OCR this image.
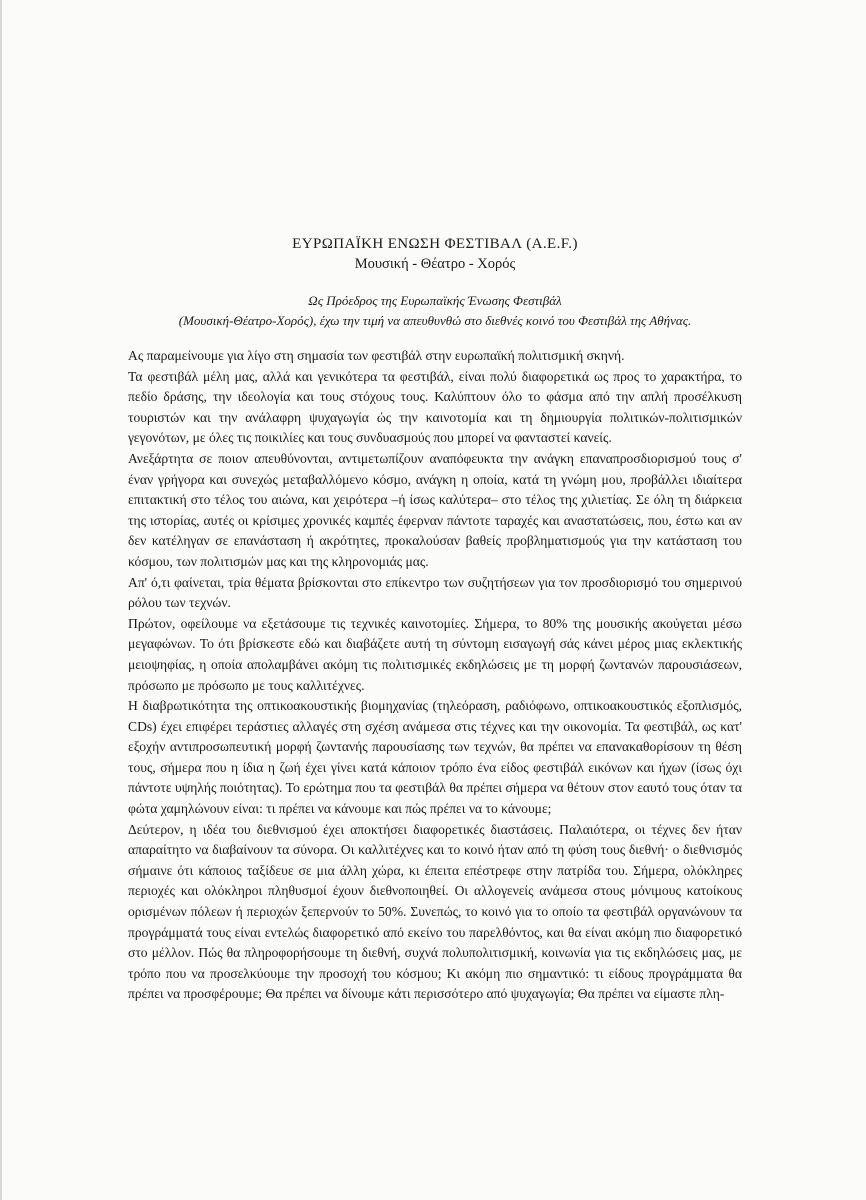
ΕΥΡΩΠΑΪΚΗ ΕΝΩΣΗ ΦΕΣΤΙΒΑΛ (A.E.F.)

Μουσική - Θέατρο - Χορός

Ως Πρόεδρος της Ευρωπαϊκής Ένωσης Φεστιβάλ

(Μουσική-Θέατρο-Χορός), έχω την τιμή να απευθυνθώ στο διεθνές κοινό του Φεστιβάλ της Αθήνας.

Ας παραμείνουμε για λίγο στη σημασία των φεστιβάλ στην ευρωπαϊκή πολιτισμική σκηνή.

Τα φεστιβάλ μέλη μας, αλλά και γενικότερα τα φεστιβάλ, είναι πολύ διαφορετικά ως προς το χαρακτήρα, το πεδίο δράσης, την ιδεολογία και τους στόχους τους. Καλύπτουν όλο το φάσμα από την απλή προσέλκυση τουριστών και την ανάλαφρη ψυχαγωγία ώς την καινοτομία και τη δημιουργία πολιτικών-πολιτισμικών γεγονότων, με όλες τις ποικιλίες και τους συνδυασμούς που μπορεί να φανταστεί κανείς.

Ανεξάρτητα σε ποιον απευθύνονται, αντιμετωπίζουν αναπόφευκτα την ανάγκη επαναπροσδιορισμού τους σ' έναν γρήγορα και συνεχώς μεταβαλλόμενο κόσμο, ανάγκη η οποία, κατά τη γνώμη μου, προβάλλει ιδιαίτερα επιτακτική στο τέλος του αιώνα, και χειρότερα –ή ίσως καλύτερα– στο τέλος της χιλιετίας. Σε όλη τη διάρκεια της ιστορίας, αυτές οι κρίσιμες χρονικές καμπές έφερναν πάντοτε ταραχές και αναστατώσεις, που, έστω και αν δεν κατέληγαν σε επανάσταση ή ακρότητες, προκαλούσαν βαθείς προβληματισμούς για την κατάσταση του κόσμου, των πολιτισμών μας και της κληρονομιάς μας.

Απ' ό,τι φαίνεται, τρία θέματα βρίσκονται στο επίκεντρο των συζητήσεων για τον προσδιορισμό του σημερινού ρόλου των τεχνών.

Πρώτον, οφείλουμε να εξετάσουμε τις τεχνικές καινοτομίες. Σήμερα, το 80% της μουσικής ακούγεται μέσω μεγαφώνων. Το ότι βρίσκεστε εδώ και διαβάζετε αυτή τη σύντομη εισαγωγή σάς κάνει μέρος μιας εκλεκτικής μειοψηφίας, η οποία απολαμβάνει ακόμη τις πολιτισμικές εκδηλώσεις με τη μορφή ζωντανών παρουσιάσεων, πρόσωπο με πρόσωπο με τους καλλιτέχνες.

Η διαβρωτικότητα της οπτικοακουστικής βιομηχανίας (τηλεόραση, ραδιόφωνο, οπτικοακουστικός εξοπλισμός, CDs) έχει επιφέρει τεράστιες αλλαγές στη σχέση ανάμεσα στις τέχνες και την οικονομία. Τα φεστιβάλ, ως κατ' εξοχήν αντιπροσωπευτική μορφή ζωντανής παρουσίασης των τεχνών, θα πρέπει να επανακαθορίσουν τη θέση τους, σήμερα που η ίδια η ζωή έχει γίνει κατά κάποιον τρόπο ένα είδος φεστιβάλ εικόνων και ήχων (ίσως όχι πάντοτε υψηλής ποιότητας). Το ερώτημα που τα φεστιβάλ θα πρέπει σήμερα να θέτουν στον εαυτό τους όταν τα φώτα χαμηλώνουν είναι: τι πρέπει να κάνουμε και πώς πρέπει να το κάνουμε;

Δεύτερον, η ιδέα του διεθνισμού έχει αποκτήσει διαφορετικές διαστάσεις. Παλαιότερα, οι τέχνες δεν ήταν απαραίτητο να διαβαίνουν τα σύνορα. Οι καλλιτέχνες και το κοινό ήταν από τη φύση τους διεθνή· ο διεθνισμός σήμαινε ότι κάποιος ταξίδευε σε μια άλλη χώρα, κι έπειτα επέστρεφε στην πατρίδα του. Σήμερα, ολόκληρες περιοχές και ολόκληροι πληθυσμοί έχουν διεθνοποιηθεί. Οι αλλογενείς ανάμεσα στους μόνιμους κατοίκους ορισμένων πόλεων ή περιοχών ξεπερνούν το 50%. Συνεπώς, το κοινό για το οποίο τα φεστιβάλ οργανώνουν τα προγράμματά τους είναι εντελώς διαφορετικό από εκείνο του παρελθόντος, και θα είναι ακόμη πιο διαφορετικό στο μέλλον. Πώς θα πληροφορήσουμε τη διεθνή, συχνά πολυπολιτισμική, κοινωνία για τις εκδηλώσεις μας, με τρόπο που να προσελκύουμε την προσοχή του κόσμου; Κι ακόμη πιο σημαντικό: τι είδους προγράμματα θα πρέπει να προσφέρουμε; Θα πρέπει να δίνουμε κάτι περισσότερο από ψυχαγωγία; Θα πρέπει να είμαστε πλη-
